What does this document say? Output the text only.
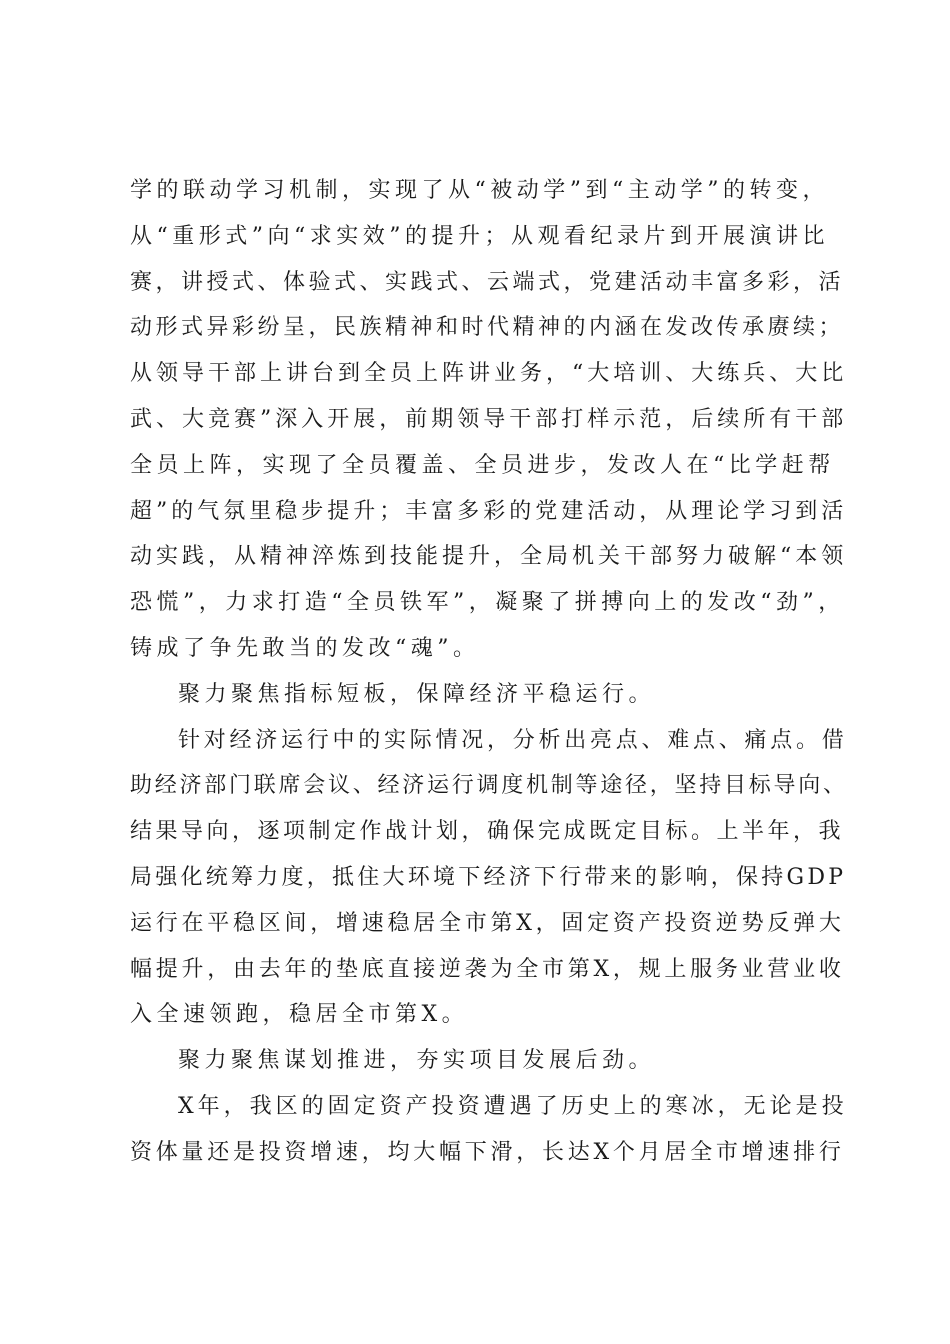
学的联动学习机制，实现了从“被动学”到“主动学”的转变，
从“重形式”向“求实效”的提升；从观看纪录片到开展演讲比
赛，讲授式、体验式、实践式、云端式，党建活动丰富多彩，活
动形式异彩纷呈，民族精神和时代精神的内涵在发改传承赓续；
从领导干部上讲台到全员上阵讲业务，“大培训、大练兵、大比
武、大竞赛”深入开展，前期领导干部打样示范，后续所有干部
全员上阵，实现了全员覆盖、全员进步，发改人在“比学赶帮
超”的气氛里稳步提升；丰富多彩的党建活动，从理论学习到活
动实践，从精神淬炼到技能提升，全局机关干部努力破解“本领
恐慌”，力求打造“全员铁军”，凝聚了拼搏向上的发改“劲”，
铸成了争先敢当的发改“魂”。
聚力聚焦指标短板，保障经济平稳运行。
针对经济运行中的实际情况，分析出亮点、难点、痛点。借
助经济部门联席会议、经济运行调度机制等途径，坚持目标导向、
结果导向，逐项制定作战计划，确保完成既定目标。上半年，我
局强化统筹力度，抵住大环境下经济下行带来的影响，保持GDP
运行在平稳区间，增速稳居全市第X，固定资产投资逆势反弹大
幅提升，由去年的垫底直接逆袭为全市第X，规上服务业营业收
入全速领跑，稳居全市第X。
聚力聚焦谋划推进，夯实项目发展后劲。
X年，我区的固定资产投资遭遇了历史上的寒冰，无论是投
资体量还是投资增速，均大幅下滑，长达X个月居全市增速排行
